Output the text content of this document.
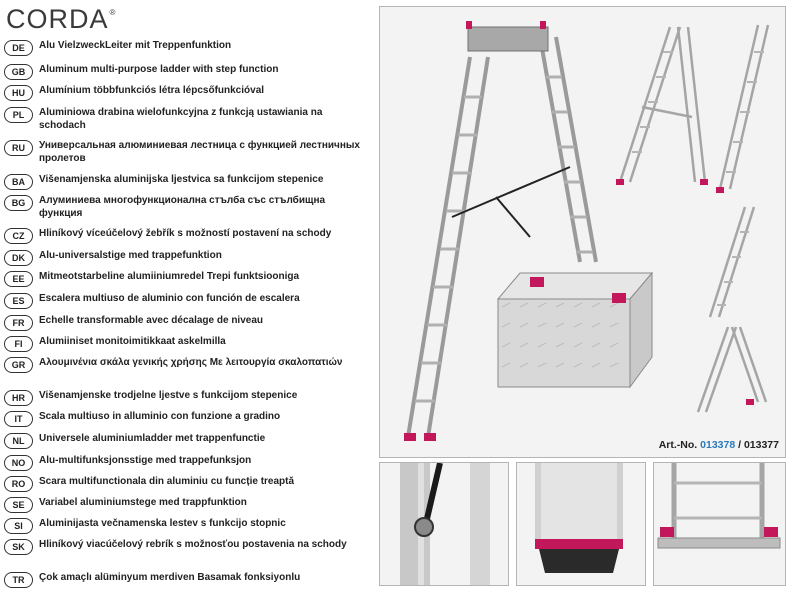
CORDA®
DE	Alu VielzweckLeiter mit Treppenfunktion
GB	Aluminum multi-purpose ladder with step function
HU	Alumínium többfunkciós létra lépcsőfunkcióval
PL	Aluminiowa drabina wielofunkcyjna z funkcją ustawiania na schodach
RU	Универсальная алюминиевая лестница с функцией лестничных пролетов
BA	Višenamjenska aluminijska ljestvica sa funkcijom stepenice
BG	Алуминиева многофункционална стълба със стълбищна функция
CZ	Hliníkový víceúčelový žebřík s možností postavení na schody
DK	Alu-universalstige med trappefunktion
EE	Mitmeotstarbeline alumiiniumredel Trepi funktsiooniga
ES	Escalera multiuso de aluminio con función de escalera
FR	Echelle transformable avec décalage de niveau
FI	Alumiiniset monitoimitikkaat askelmilla
GR	Αλουμινένια σκάλα γενικής χρήσης Με λειτουργία σκαλοπατιών
HR	Višenamjenske trodjelne ljestve s funkcijom stepenice
IT	Scala multiuso in alluminio con funzione a gradino
NL	Universele aluminiumladder met trappenfunctie
NO	Alu-multifunksjonsstige med trappefunksjon
RO	Scara multifunctionala din aluminiu cu funcție treaptă
SE	Variabel aluminiumstege med trappfunktion
SI	Aluminijasta večnamenska lestev s funkcijo stopnic
SK	Hliníkový viacúčelový rebrík s možnosťou postavenia na schody
TR	Çok amaçlı alüminyum merdiven Basamak fonksiyonlu
Art.-No. 013378 / 013377
